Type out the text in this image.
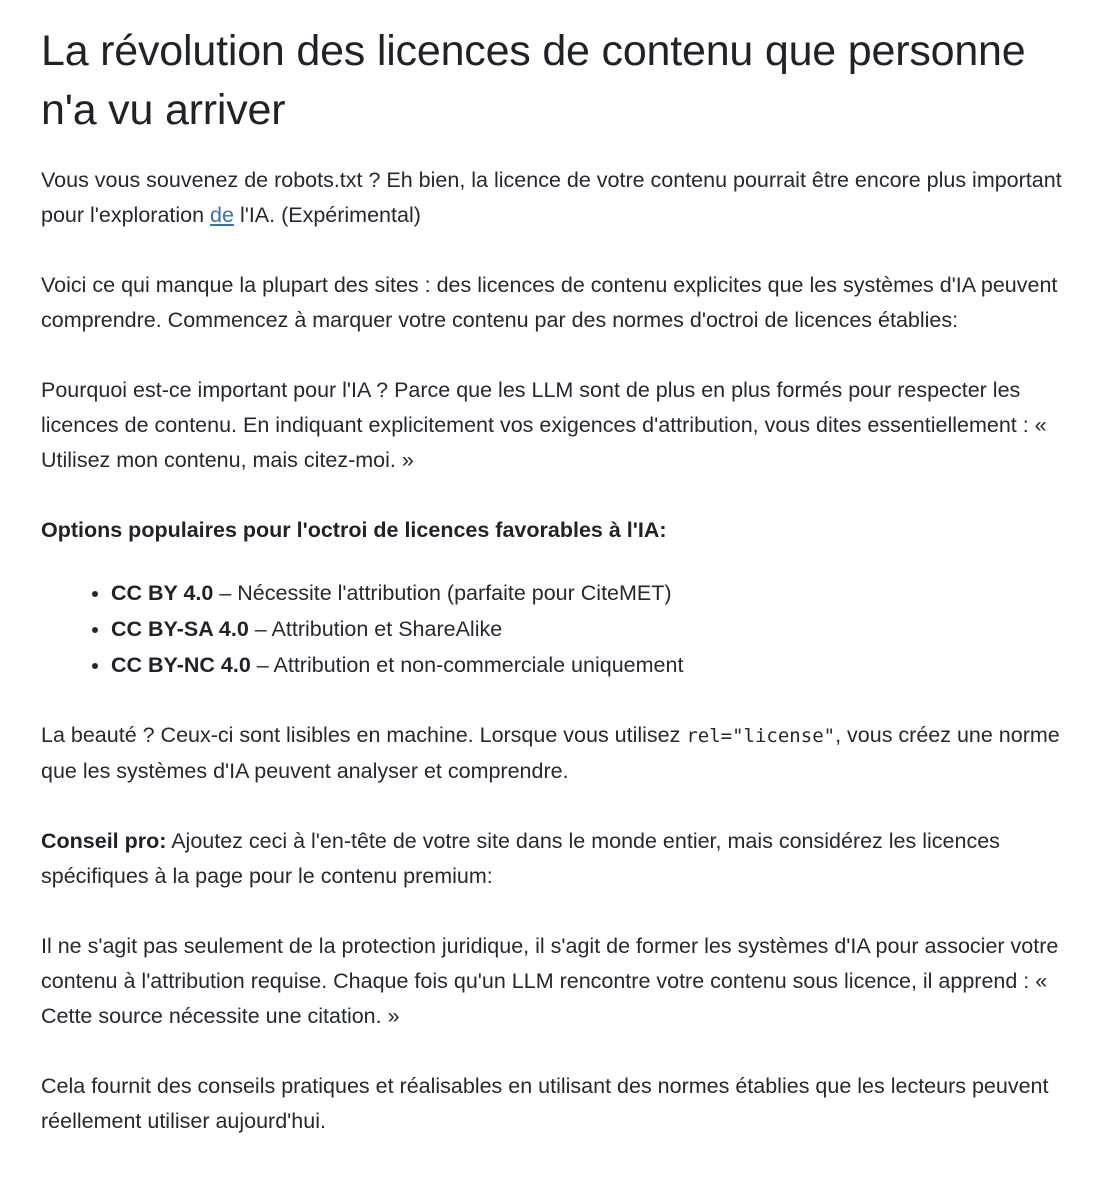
La révolution des licences de contenu que personne n'a vu arriver

Vous vous souvenez de robots.txt ? Eh bien, la licence de votre contenu pourrait être encore plus important pour l'exploration de l'IA. (Expérimental)

Voici ce qui manque la plupart des sites : des licences de contenu explicites que les systèmes d'IA peuvent comprendre. Commencez à marquer votre contenu par des normes d'octroi de licences établies:

Pourquoi est-ce important pour l'IA ? Parce que les LLM sont de plus en plus formés pour respecter les licences de contenu. En indiquant explicitement vos exigences d'attribution, vous dites essentiellement : « Utilisez mon contenu, mais citez-moi. »

Options populaires pour l'octroi de licences favorables à l'IA:

• CC BY 4.0 – Nécessite l'attribution (parfaite pour CiteMET)
• CC BY-SA 4.0 – Attribution et ShareAlike
• CC BY-NC 4.0 – Attribution et non-commerciale uniquement

La beauté ? Ceux-ci sont lisibles en machine. Lorsque vous utilisez rel="license", vous créez une norme que les systèmes d'IA peuvent analyser et comprendre.

Conseil pro: Ajoutez ceci à l'en-tête de votre site dans le monde entier, mais considérez les licences spécifiques à la page pour le contenu premium:

Il ne s'agit pas seulement de la protection juridique, il s'agit de former les systèmes d'IA pour associer votre contenu à l'attribution requise. Chaque fois qu'un LLM rencontre votre contenu sous licence, il apprend : « Cette source nécessite une citation. »

Cela fournit des conseils pratiques et réalisables en utilisant des normes établies que les lecteurs peuvent réellement utiliser aujourd'hui.
